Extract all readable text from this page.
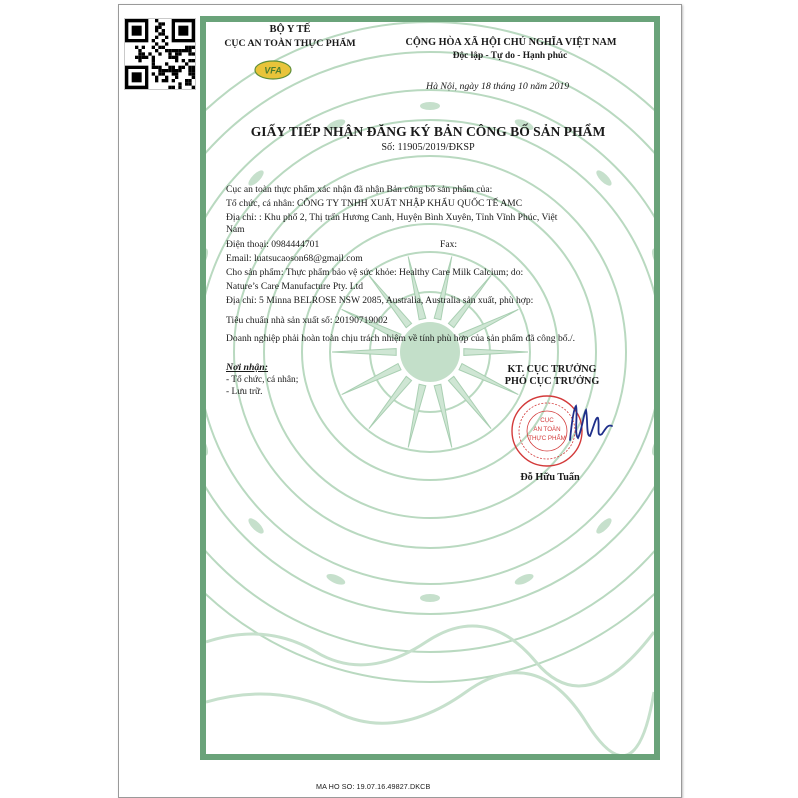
BỘ Y TẾ
CỤC AN TOÀN THỰC PHẨM
VFA
CỘNG HÒA XÃ HỘI CHỦ NGHĨA VIỆT NAM
Độc lập - Tự do - Hạnh phúc
Hà Nội, ngày 18 tháng 10 năm 2019
GIẤY TIẾP NHẬN ĐĂNG KÝ BẢN CÔNG BỐ SẢN PHẨM
Số: 11905/2019/ĐKSP
Cục an toàn thực phẩm xác nhận đã nhận Bản công bố sản phẩm của:
Tổ chức, cá nhân: CÔNG TY TNHH XUẤT NHẬP KHẨU QUỐC TẾ AMC
Địa chỉ: : Khu phố 2, Thị trấn Hương Canh, Huyện Bình Xuyên, Tỉnh Vĩnh Phúc, Việt
Nam
Điện thoại: 0984444701	Fax:
Email: luatsucaoson68@gmail.com
Cho sản phẩm: Thực phẩm bảo vệ sức khỏe: Healthy Care Milk Calcium; do:
Nature’s Care Manufacture Pty. Ltd
Địa chỉ: 5 Minna BELROSE NSW 2085, Australia, Australia sản xuất, phù hợp:
Tiêu chuẩn nhà sản xuất số: 20190719002
Doanh nghiệp phải hoàn toàn chịu trách nhiệm về tính phù hợp của sản phẩm đã công bố./.
Nơi nhận:
- Tổ chức, cá nhân;
- Lưu trữ.
KT. CỤC TRƯỞNG
PHÓ CỤC TRƯỞNG
CỤC
AN TOÀN
THỰC PHẨM
Đỗ Hữu Tuấn
MA HO SO: 19.07.16.49827.DKCB
